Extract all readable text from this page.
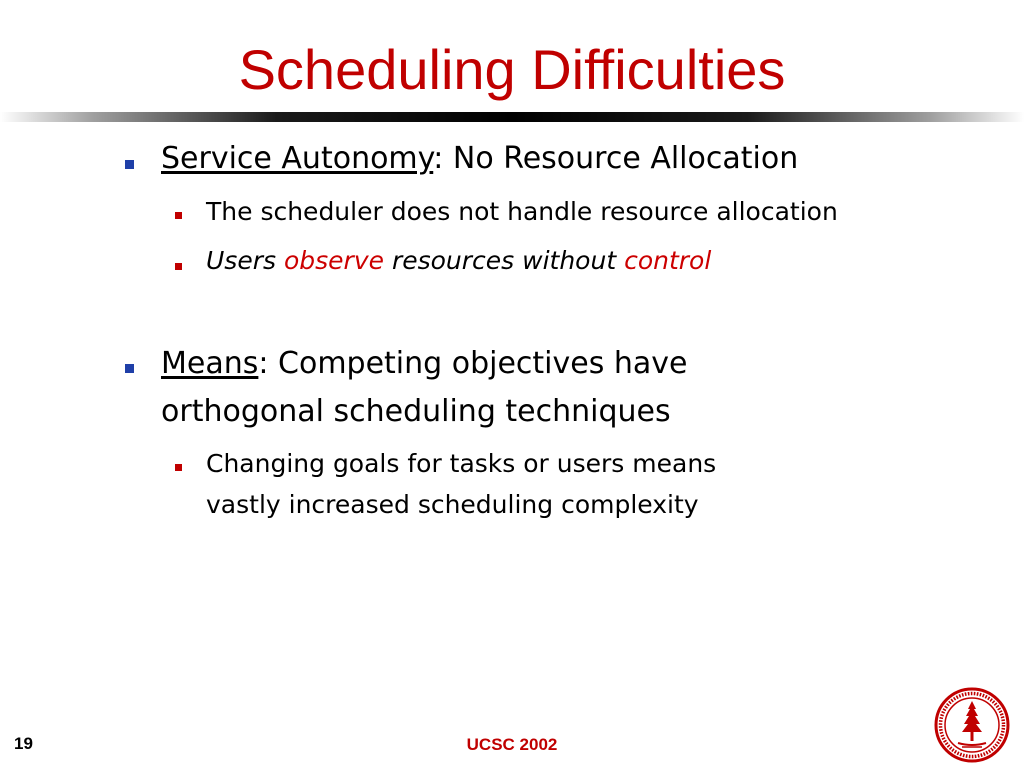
Scheduling Difficulties
Service Autonomy: No Resource Allocation
The scheduler does not handle resource allocation
Users observe resources without control
Means: Competing objectives have
orthogonal scheduling techniques
Changing goals for tasks or users means
vastly increased scheduling complexity
19	UCSC 2002
